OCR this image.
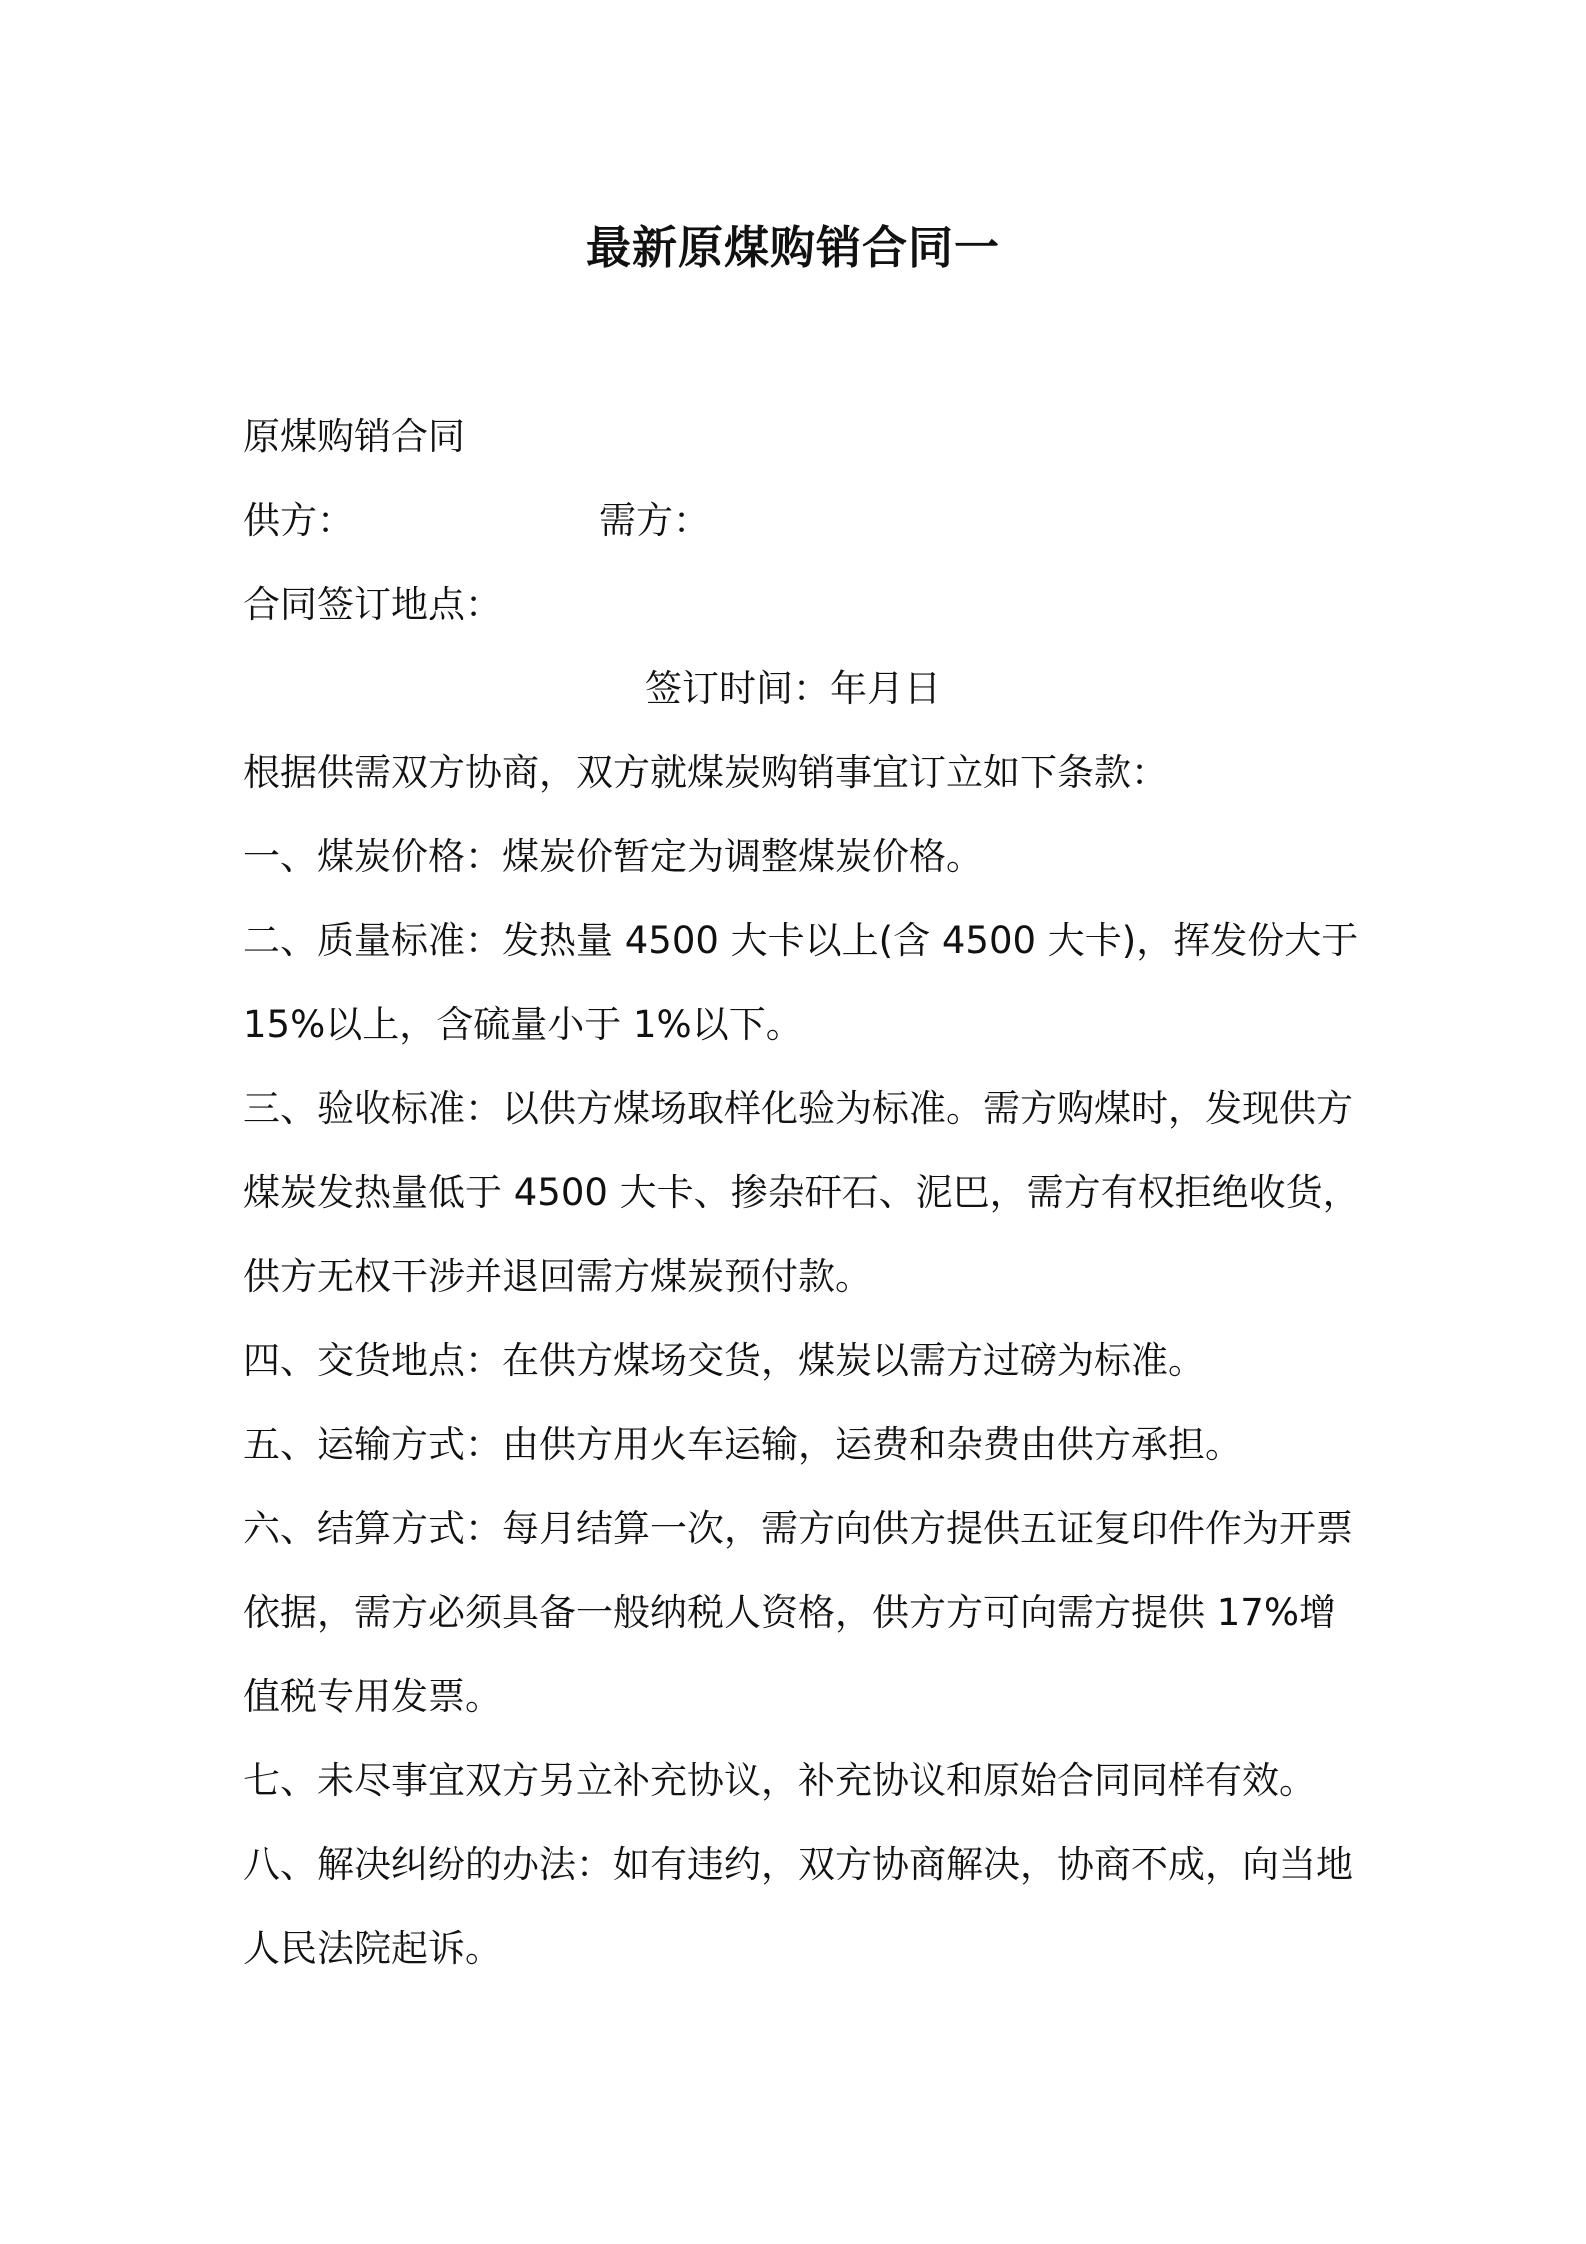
最新原煤购销合同一
原煤购销合同
供方：	需方：
合同签订地点：
签订时间：年月日
根据供需双方协商，双方就煤炭购销事宜订立如下条款：
一、煤炭价格：煤炭价暂定为调整煤炭价格。
二、质量标准：发热量 4500 大卡以上(含 4500 大卡)，挥发份大于
15%以上，含硫量小于 1%以下。
三、验收标准：以供方煤场取样化验为标准。需方购煤时，发现供方
煤炭发热量低于 4500 大卡、掺杂矸石、泥巴，需方有权拒绝收货，
供方无权干涉并退回需方煤炭预付款。
四、交货地点：在供方煤场交货，煤炭以需方过磅为标准。
五、运输方式：由供方用火车运输，运费和杂费由供方承担。
六、结算方式：每月结算一次，需方向供方提供五证复印件作为开票
依据，需方必须具备一般纳税人资格，供方方可向需方提供 17%增
值税专用发票。
七、未尽事宜双方另立补充协议，补充协议和原始合同同样有效。
八、解决纠纷的办法：如有违约，双方协商解决，协商不成，向当地
人民法院起诉。
